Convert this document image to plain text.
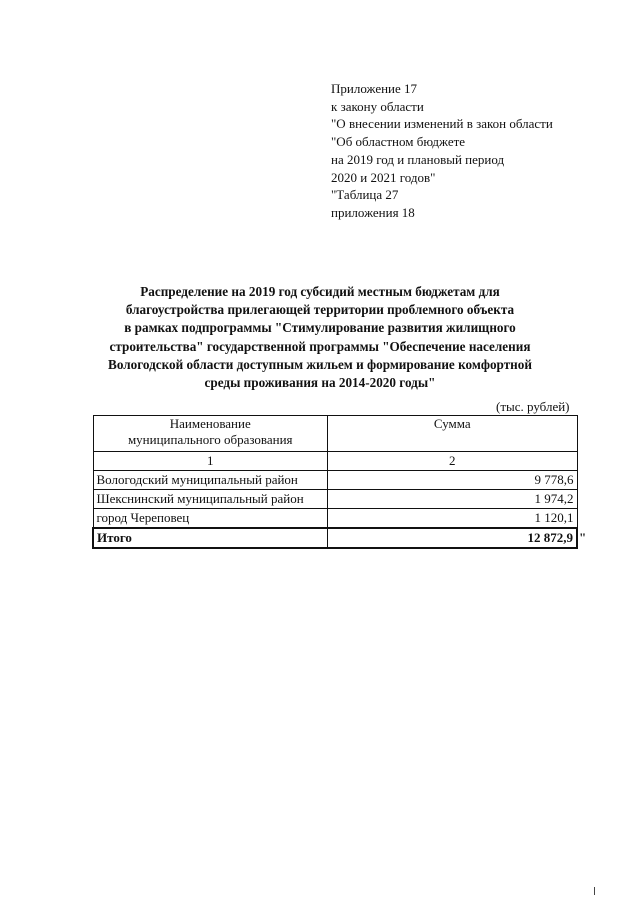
Приложение 17
к закону области
"О внесении изменений в закон области
"Об областном бюджете
на 2019 год и плановый период
2020 и 2021 годов"
"Таблица 27
приложения 18
Распределение на 2019 год субсидий местным бюджетам для
благоустройства прилегающей территории проблемного объекта
в рамках подпрограммы "Стимулирование развития жилищного
строительства" государственной программы "Обеспечение населения
Вологодской области доступным жильем и формирование комфортной
среды проживания на 2014-2020 годы"
(тыс. рублей)
Наименование
муниципального образования	Сумма
1	2
Вологодский муниципальный район	9 778,6
Шекснинский муниципальный район	1 974,2
город Череповец	1 120,1
Итого	12 872,9 "
